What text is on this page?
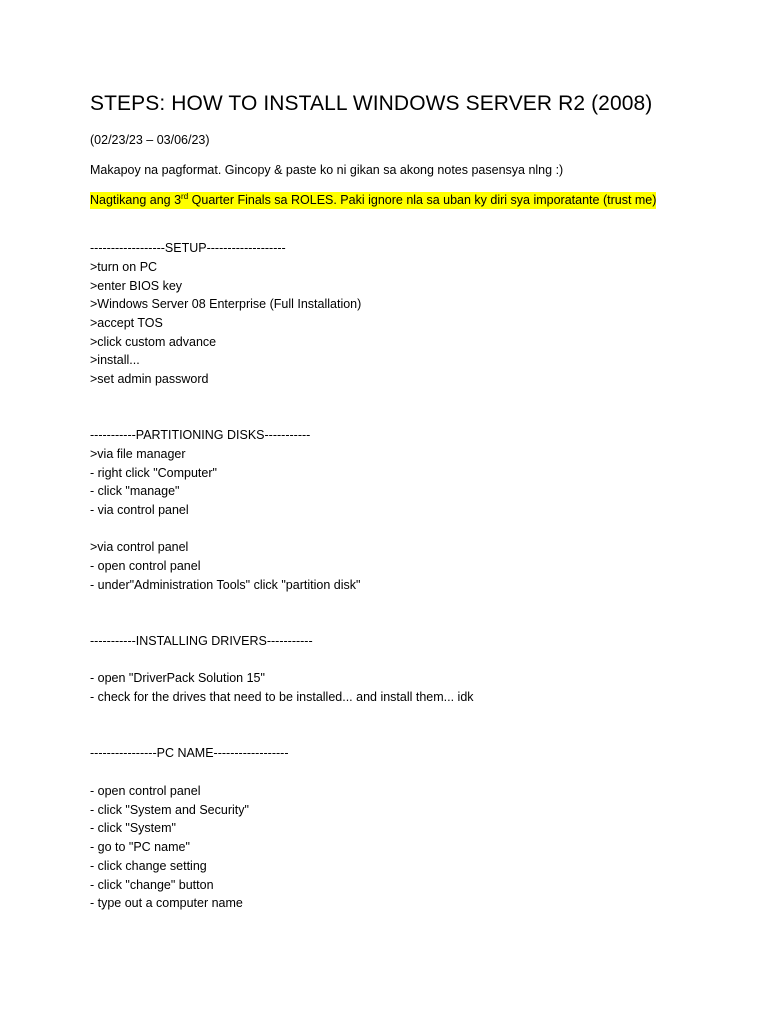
STEPS: HOW TO INSTALL WINDOWS SERVER R2 (2008)
(02/23/23 – 03/06/23)
Makapoy na pagformat. Gincopy & paste ko ni gikan sa akong notes pasensya nlng :)
Nagtikang ang 3rd Quarter Finals sa ROLES. Paki ignore nla sa uban ky diri sya imporatante (trust me)
------------------SETUP-------------------
>turn on PC
>enter BIOS key
>Windows Server 08 Enterprise (Full Installation)
>accept TOS
>click custom advance
>install...
>set admin password
-----------PARTITIONING DISKS-----------
>via file manager
- right click "Computer"
- click "manage"
- via control panel
>via control panel
- open control panel
- under"Administration Tools" click "partition disk"
-----------INSTALLING DRIVERS-----------
- open "DriverPack Solution 15"
- check for the drives that need to be installed... and install them... idk
----------------PC NAME------------------
- open control panel
- click "System and Security"
- click "System"
- go to "PC name"
- click change setting
- click "change" button
- type out a computer name
